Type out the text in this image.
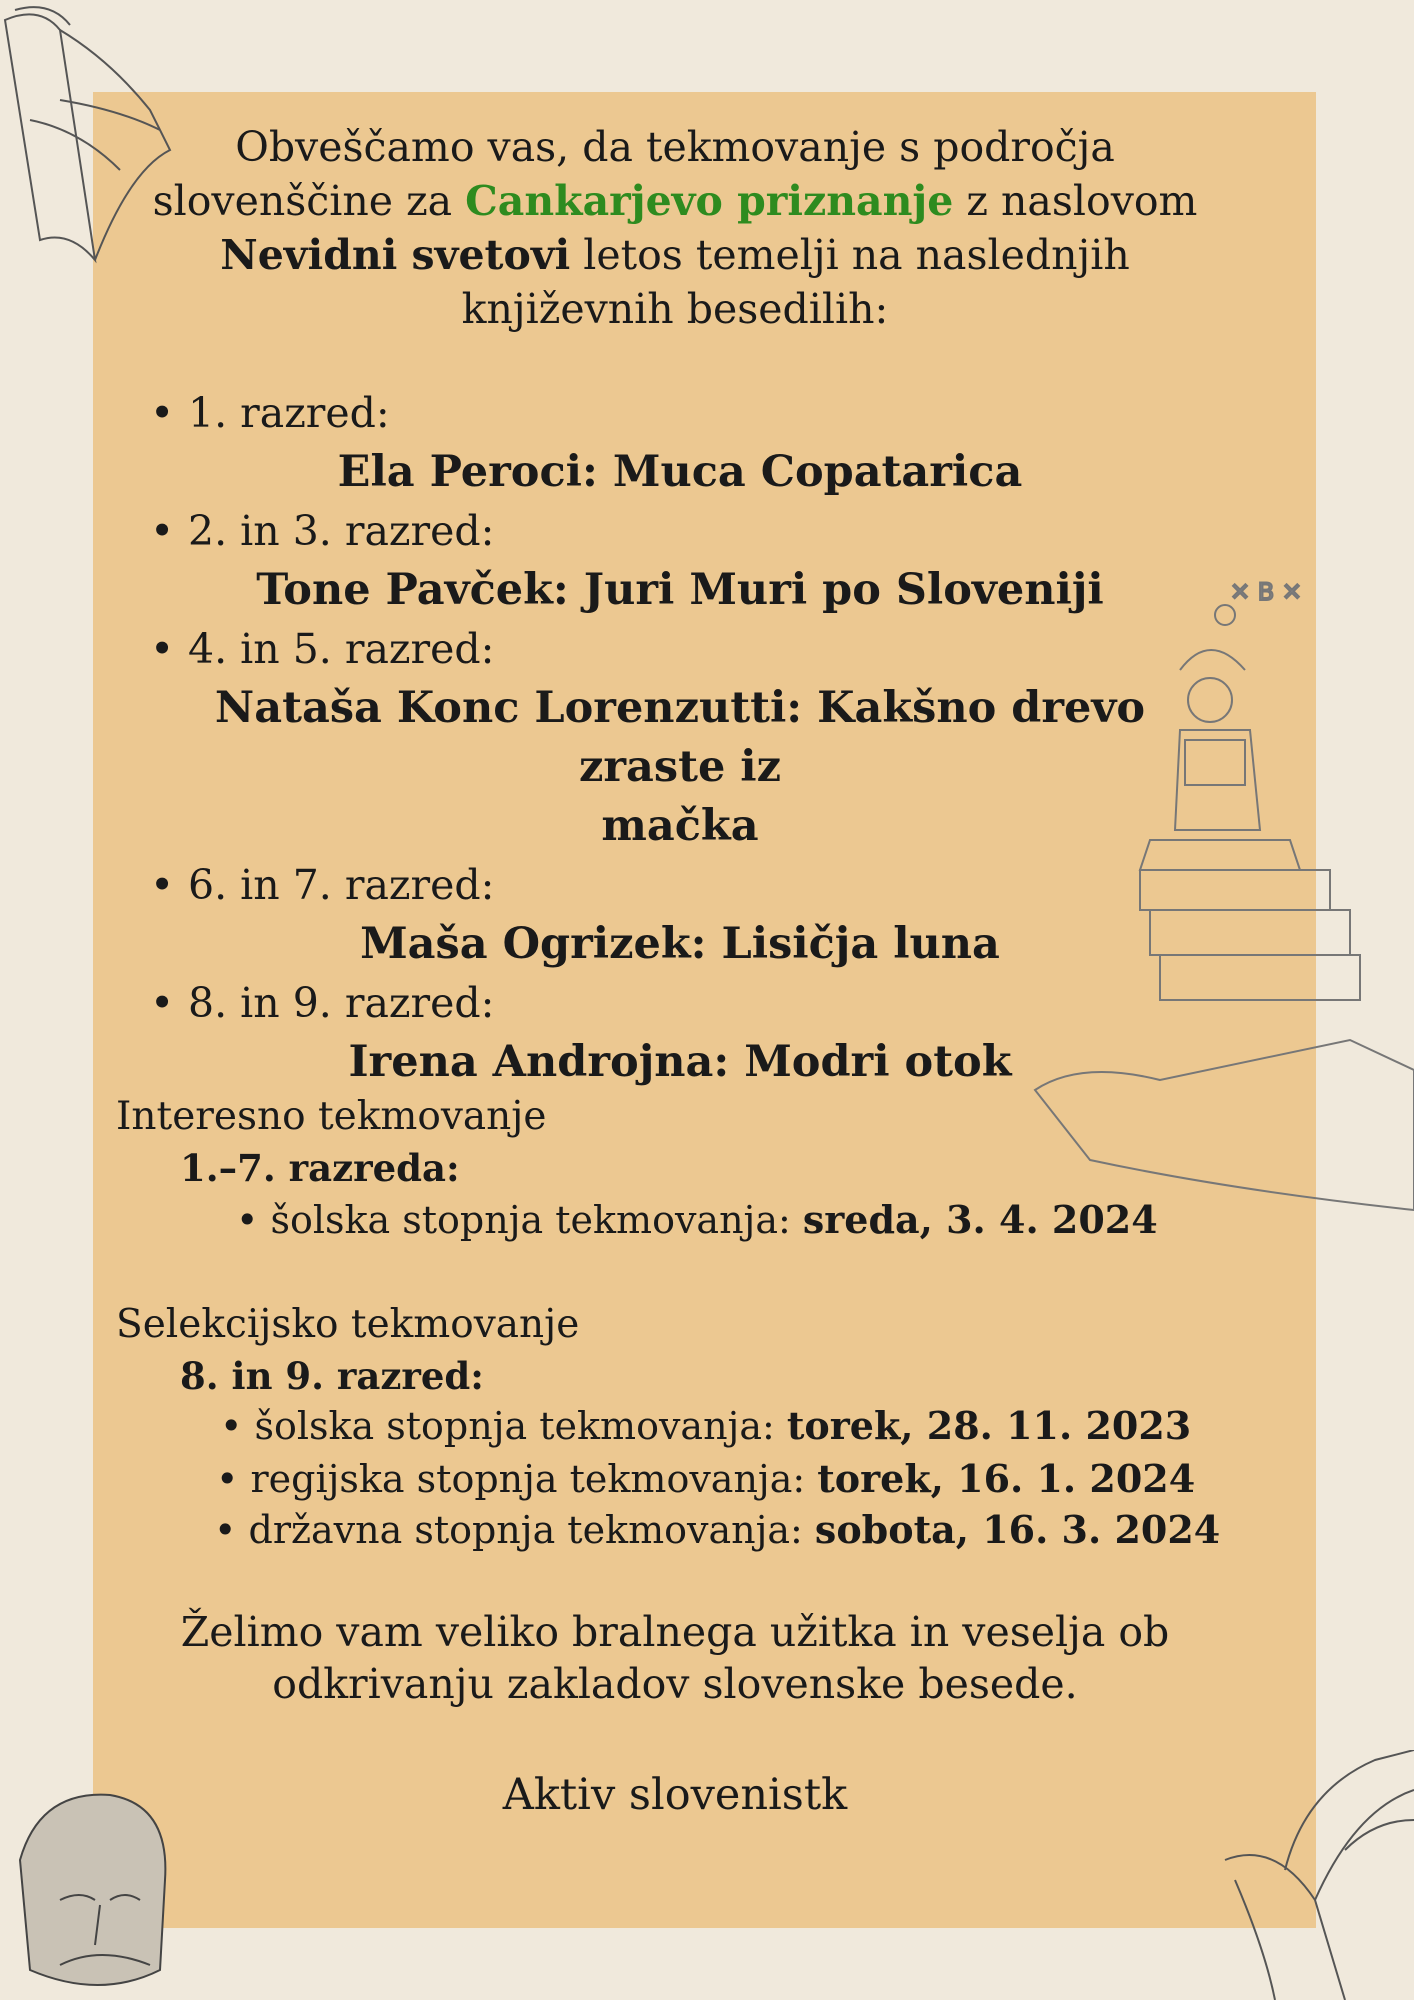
✕ B ✕
Obveščamo vas, da tekmovanje s področja
slovenščine za Cankarjevo priznanje z naslovom
Nevidni svetovi letos temelji na naslednjih
književnih besedilih:
• 1. razred:
Ela Peroci: Muca Copatarica
• 2. in 3. razred:
Tone Pavček: Juri Muri po Sloveniji
• 4. in 5. razred:
Nataša Konc Lorenzutti: Kakšno drevo zraste iz
mačka
• 6. in 7. razred:
Maša Ogrizek: Lisičja luna
• 8. in 9. razred:
Irena Androjna: Modri otok
Interesno tekmovanje
1.–7. razreda:
• šolska stopnja tekmovanja: sreda, 3. 4. 2024
Selekcijsko tekmovanje
8. in 9. razred:
• šolska stopnja tekmovanja: torek, 28. 11. 2023
• regijska stopnja tekmovanja: torek, 16. 1. 2024
• državna stopnja tekmovanja: sobota, 16. 3. 2024
Želimo vam veliko bralnega užitka in veselja ob
odkrivanju zakladov slovenske besede.
Aktiv slovenistk
